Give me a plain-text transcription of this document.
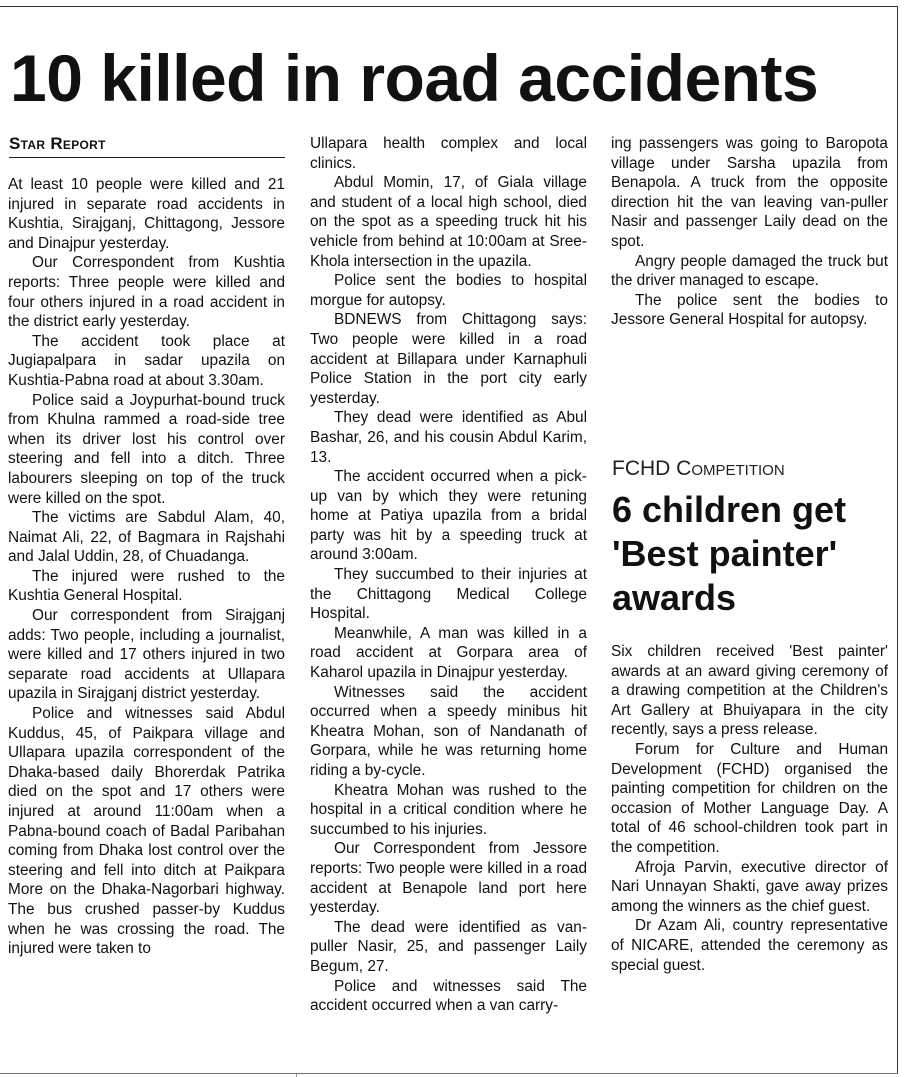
10 killed in road accidents
Star Report

At least 10 people were killed and 21 injured in separate road accidents in Kushtia, Sirajganj, Chittagong, Jessore and Dinajpur yesterday.

Our Correspondent from Kushtia reports: Three people were killed and four others injured in a road accident in the district early yesterday.

The accident took place at Jugiapalpara in sadar upazila on Kushtia-Pabna road at about 3.30am.

Police said a Joypurhat-bound truck from Khulna rammed a road-side tree when its driver lost his control over steering and fell into a ditch. Three labourers sleeping on top of the truck were killed on the spot.

The victims are Sabdul Alam, 40, Naimat Ali, 22, of Bagmara in Rajshahi and Jalal Uddin, 28, of Chuadanga.

The injured were rushed to the Kushtia General Hospital.

Our correspondent from Sirajganj adds: Two people, including a journalist, were killed and 17 others injured in two separate road accidents at Ullapara upazila in Sirajganj district yesterday.

Police and witnesses said Abdul Kuddus, 45, of Paikpara village and Ullapara upazila correspondent of the Dhaka-based daily Bhorerdak Patrika died on the spot and 17 others were injured at around 11:00am when a Pabna-bound coach of Badal Paribahan coming from Dhaka lost control over the steering and fell into ditch at Paikpara More on the Dhaka-Nagorbari highway. The bus crushed passer-by Kuddus when he was crossing the road. The injured were taken to

Ullapara health complex and local clinics.

Abdul Momin, 17, of Giala village and student of a local high school, died on the spot as a speeding truck hit his vehicle from behind at 10:00am at Sree-Khola intersection in the upazila.

Police sent the bodies to hospital morgue for autopsy.

BDNEWS from Chittagong says: Two people were killed in a road accident at Billapara under Karnaphuli Police Station in the port city early yesterday.

They dead were identified as Abul Bashar, 26, and his cousin Abdul Karim, 13.

The accident occurred when a pick-up van by which they were retuning home at Patiya upazila from a bridal party was hit by a speeding truck at around 3:00am.

They succumbed to their injuries at the Chittagong Medical College Hospital.

Meanwhile, A man was killed in a road accident at Gorpara area of Kaharol upazila in Dinajpur yesterday.

Witnesses said the accident occurred when a speedy minibus hit Kheatra Mohan, son of Nandanath of Gorpara, while he was returning home riding a by-cycle.

Kheatra Mohan was rushed to the hospital in a critical condition where he succumbed to his injuries.

Our Correspondent from Jessore reports: Two people were killed in a road accident at Benapole land port here yesterday.

The dead were identified as van-puller Nasir, 25, and passenger Laily Begum, 27.

Police and witnesses said The accident occurred when a van carry-

ing passengers was going to Baropota village under Sarsha upazila from Benapola. A truck from the opposite direction hit the van leaving van-puller Nasir and passenger Laily dead on the spot.

Angry people damaged the truck but the driver managed to escape.

The police sent the bodies to Jessore General Hospital for autopsy.

FCHD Competition
6 children get 'Best painter' awards

Six children received 'Best painter' awards at an award giving ceremony of a drawing competition at the Children's Art Gallery at Bhuiyapara in the city recently, says a press release.

Forum for Culture and Human Development (FCHD) organised the painting competition for children on the occasion of Mother Language Day. A total of 46 school-children took part in the competition.

Afroja Parvin, executive director of Nari Unnayan Shakti, gave away prizes among the winners as the chief guest.

Dr Azam Ali, country representative of NICARE, attended the ceremony as special guest.
